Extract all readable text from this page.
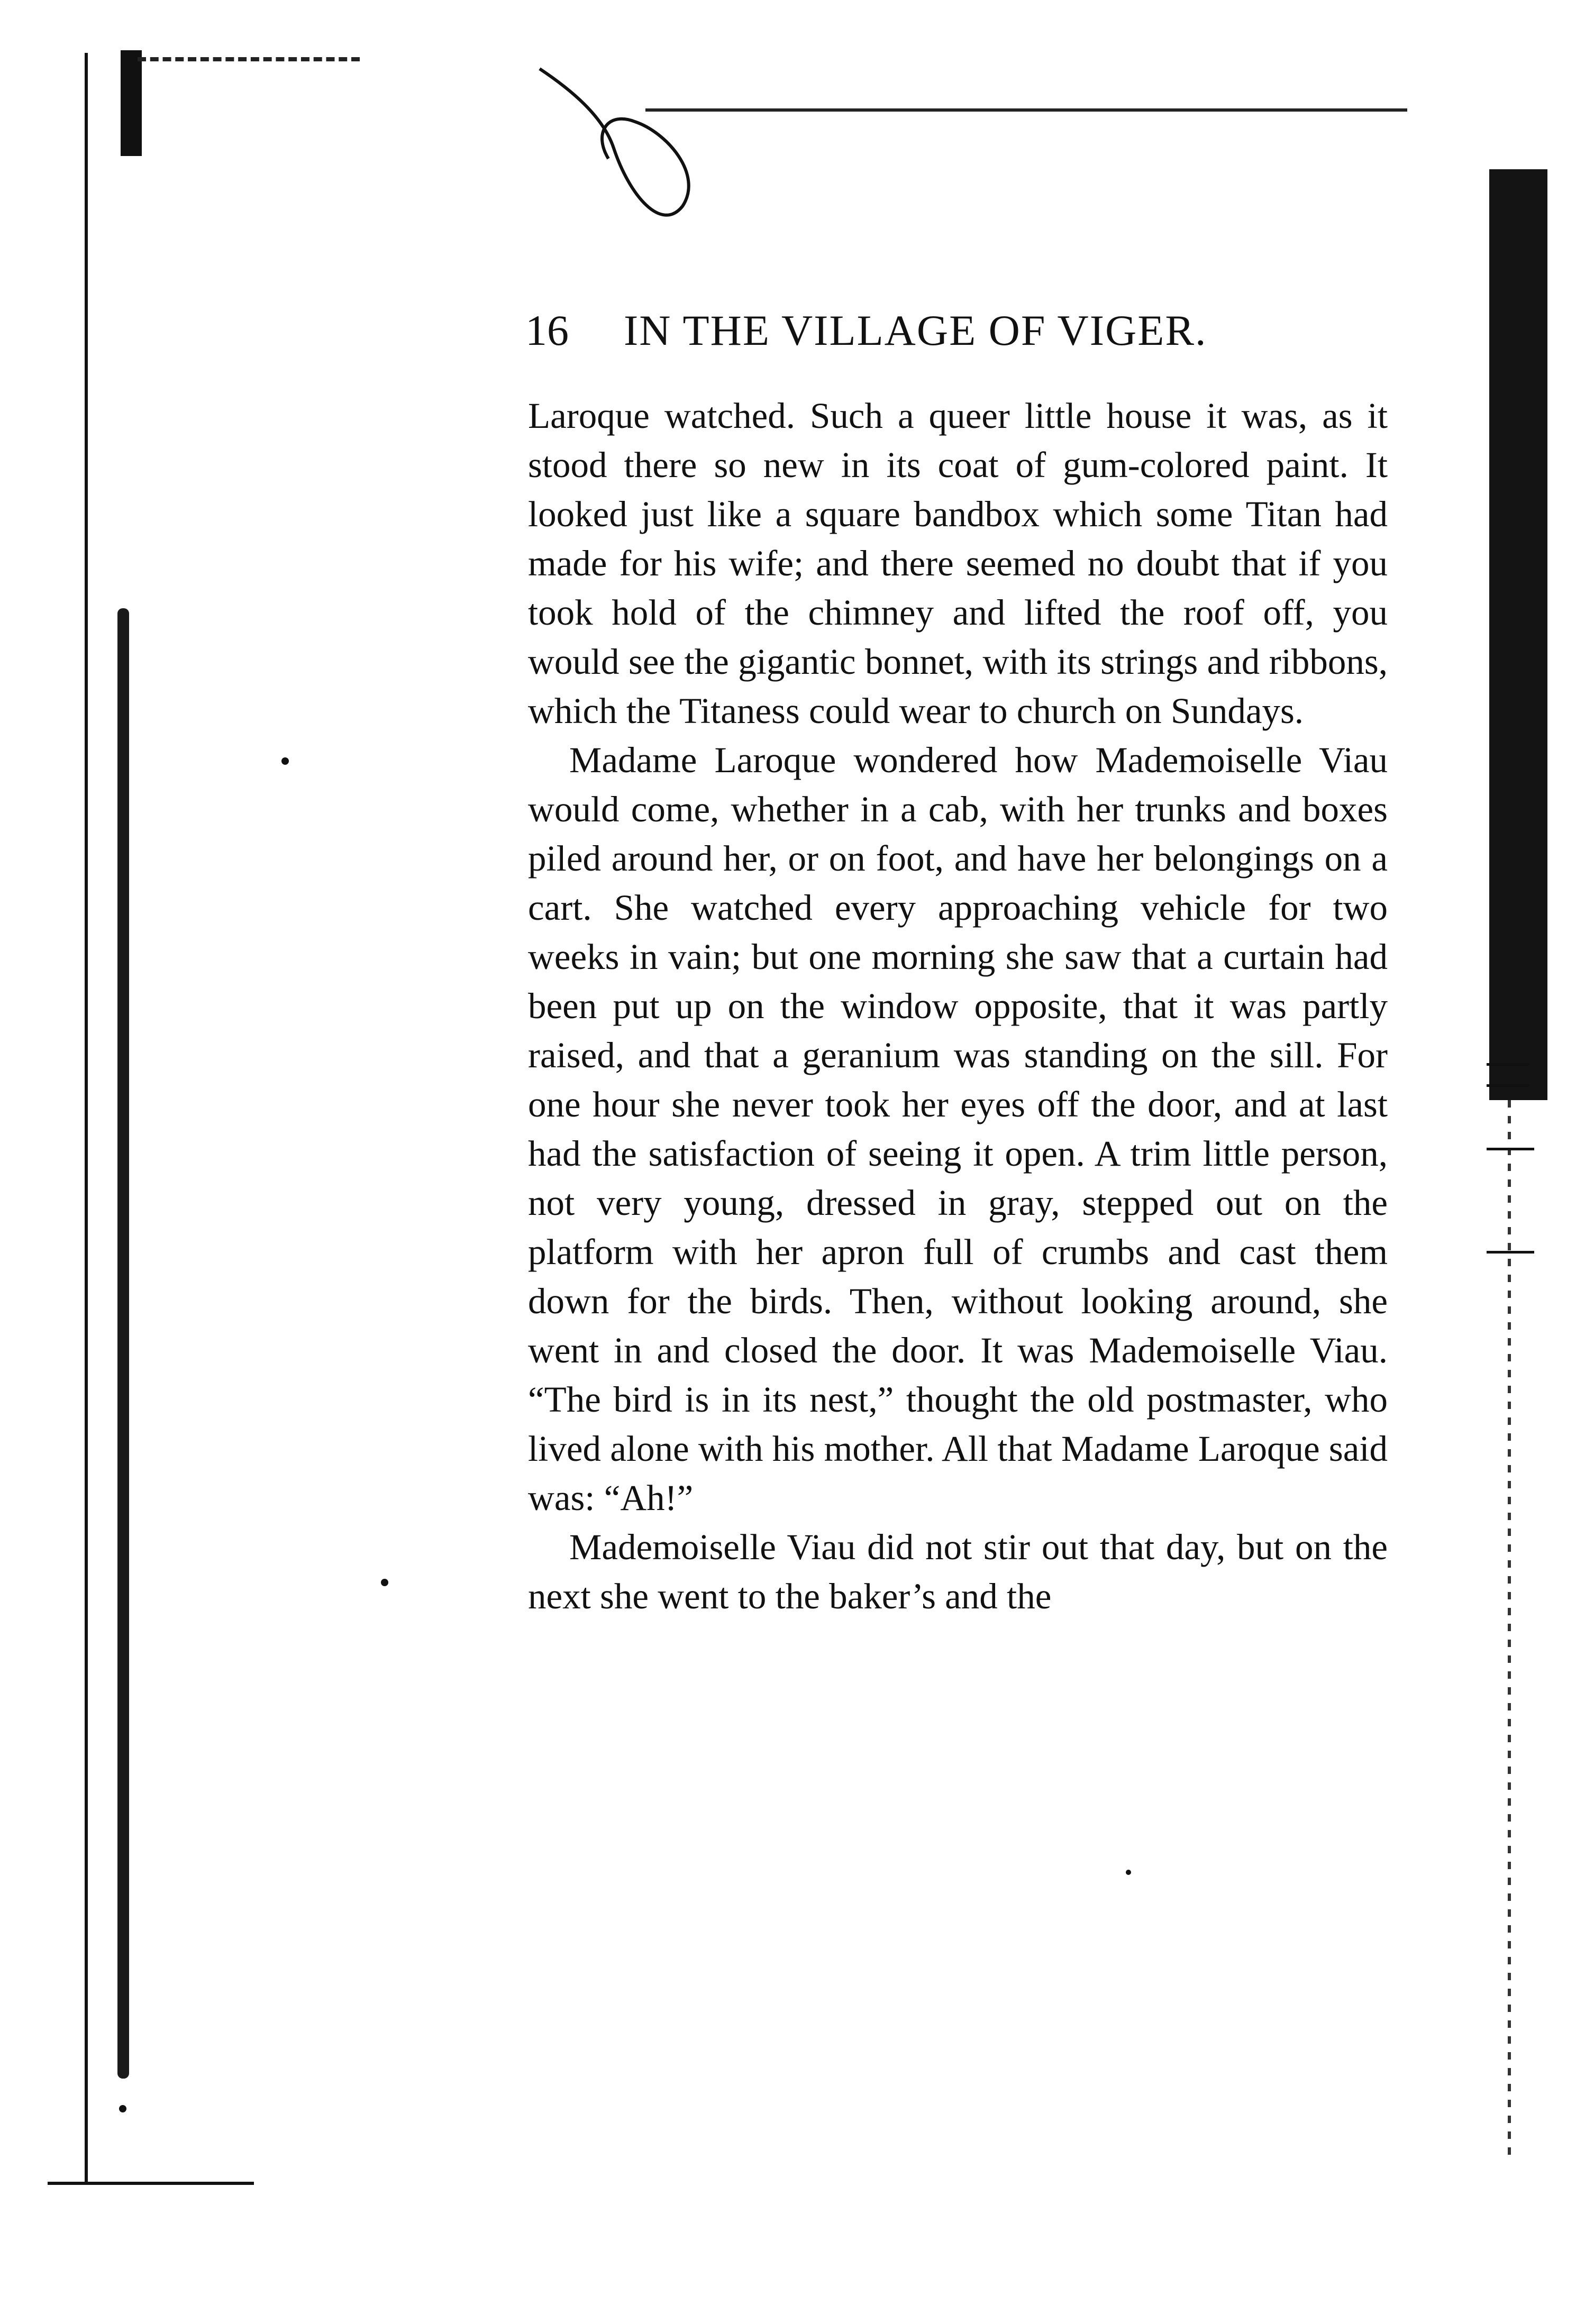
16 IN THE VILLAGE OF VIGER.

Laroque watched. Such a queer little house it was, as it stood there so new in its coat of gum-colored paint. It looked just like a square bandbox which some Titan had made for his wife; and there seemed no doubt that if you took hold of the chimney and lifted the roof off, you would see the gigantic bonnet, with its strings and ribbons, which the Titaness could wear to church on Sundays.

Madame Laroque wondered how Mademoiselle Viau would come, whether in a cab, with her trunks and boxes piled around her, or on foot, and have her belongings on a cart. She watched every approaching vehicle for two weeks in vain; but one morning she saw that a curtain had been put up on the window opposite, that it was partly raised, and that a geranium was standing on the sill. For one hour she never took her eyes off the door, and at last had the satisfaction of seeing it open. A trim little person, not very young, dressed in gray, stepped out on the platform with her apron full of crumbs and cast them down for the birds. Then, without looking around, she went in and closed the door. It was Mademoiselle Viau. “The bird is in its nest,” thought the old postmaster, who lived alone with his mother. All that Madame Laroque said was: “Ah!”

Mademoiselle Viau did not stir out that day, but on the next she went to the baker’s and the
